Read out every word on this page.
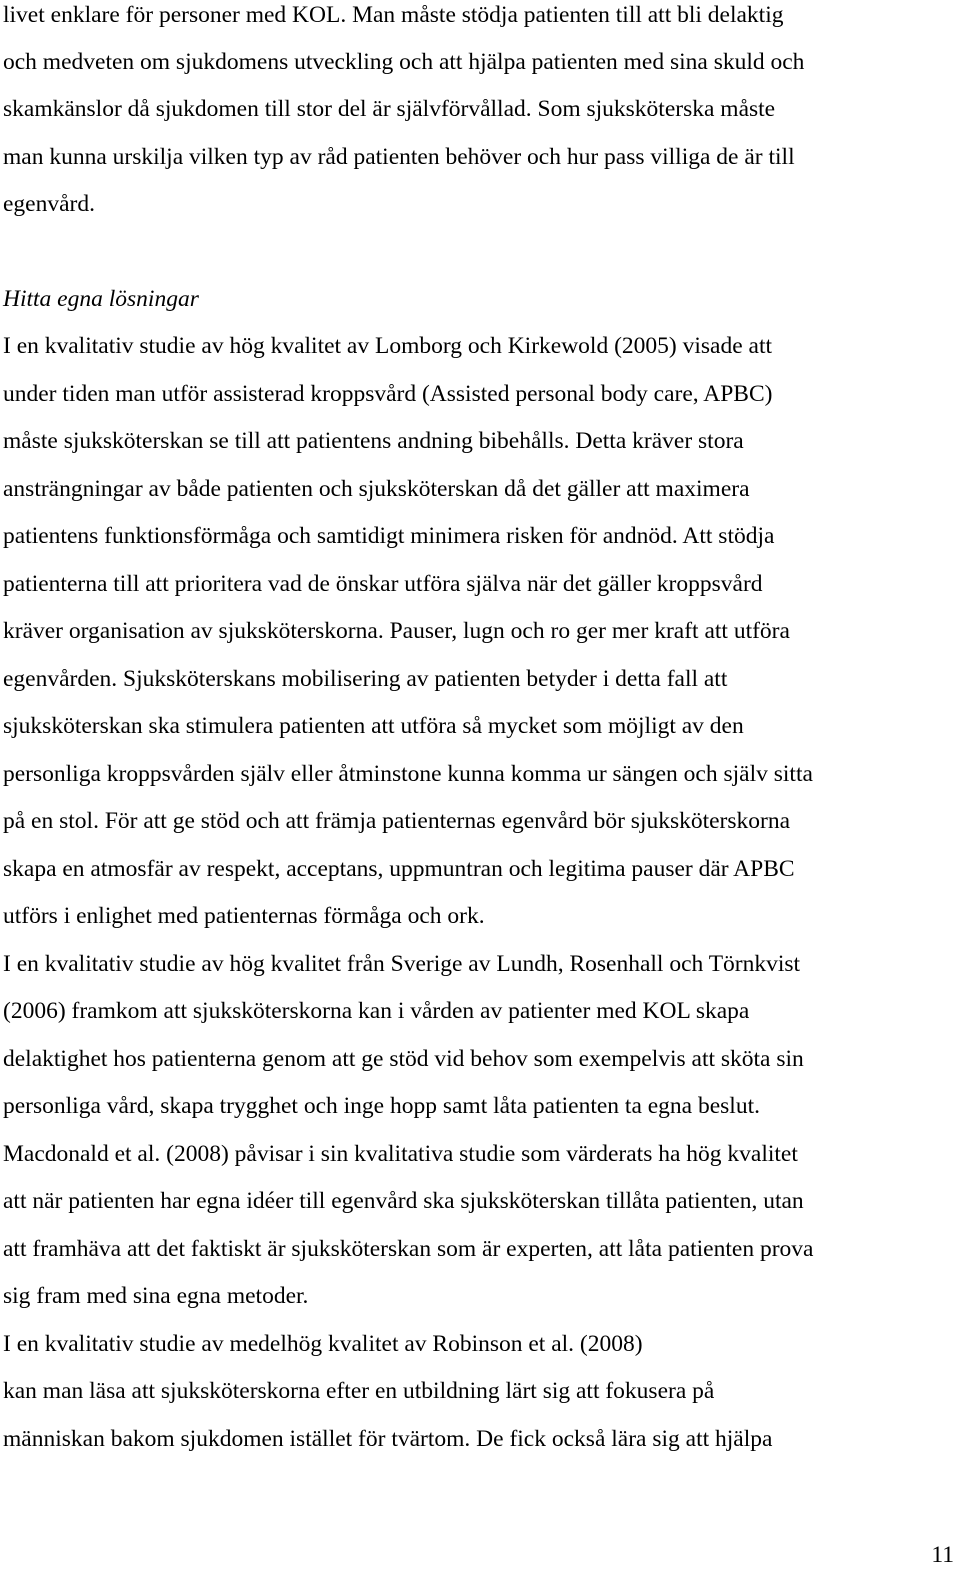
livet enklare för personer med KOL. Man måste stödja patienten till att bli delaktig

och medveten om sjukdomens utveckling och att hjälpa patienten med sina skuld och

skamkänslor då sjukdomen till stor del är självförvållad. Som sjuksköterska måste

man kunna urskilja vilken typ av råd patienten behöver och hur pass villiga de är till

egenvård.

Hitta egna lösningar

I en kvalitativ studie av hög kvalitet av Lomborg och Kirkewold (2005) visade att

under tiden man utför assisterad kroppsvård (Assisted personal body care, APBC)

måste sjuksköterskan se till att patientens andning bibehålls. Detta kräver stora

ansträngningar av både patienten och sjuksköterskan då det gäller att maximera

patientens funktionsförmåga och samtidigt minimera risken för andnöd. Att stödja

patienterna till att prioritera vad de önskar utföra själva när det gäller kroppsvård

kräver organisation av sjuksköterskorna. Pauser, lugn och ro ger mer kraft att utföra

egenvården. Sjuksköterskans mobilisering av patienten betyder i detta fall att

sjuksköterskan ska stimulera patienten att utföra så mycket som möjligt av den

personliga kroppsvården själv eller åtminstone kunna komma ur sängen och själv sitta

på en stol. För att ge stöd och att främja patienternas egenvård bör sjuksköterskorna

skapa en atmosfär av respekt, acceptans, uppmuntran och legitima pauser där APBC

utförs i enlighet med patienternas förmåga och ork.

I en kvalitativ studie av hög kvalitet från Sverige av Lundh, Rosenhall och Törnkvist

(2006) framkom att sjuksköterskorna kan i vården av patienter med KOL skapa

delaktighet hos patienterna genom att ge stöd vid behov som exempelvis att sköta sin

personliga vård, skapa trygghet och inge hopp samt låta patienten ta egna beslut.

Macdonald et al. (2008) påvisar i sin kvalitativa studie som värderats ha hög kvalitet

att när patienten har egna idéer till egenvård ska sjuksköterskan tillåta patienten, utan

att framhäva att det faktiskt är sjuksköterskan som är experten, att låta patienten prova

sig fram med sina egna metoder.

I en kvalitativ studie av medelhög kvalitet av Robinson et al. (2008)

kan man läsa att sjuksköterskorna efter en utbildning lärt sig att fokusera på

människan bakom sjukdomen istället för tvärtom. De fick också lära sig att hjälpa

11
